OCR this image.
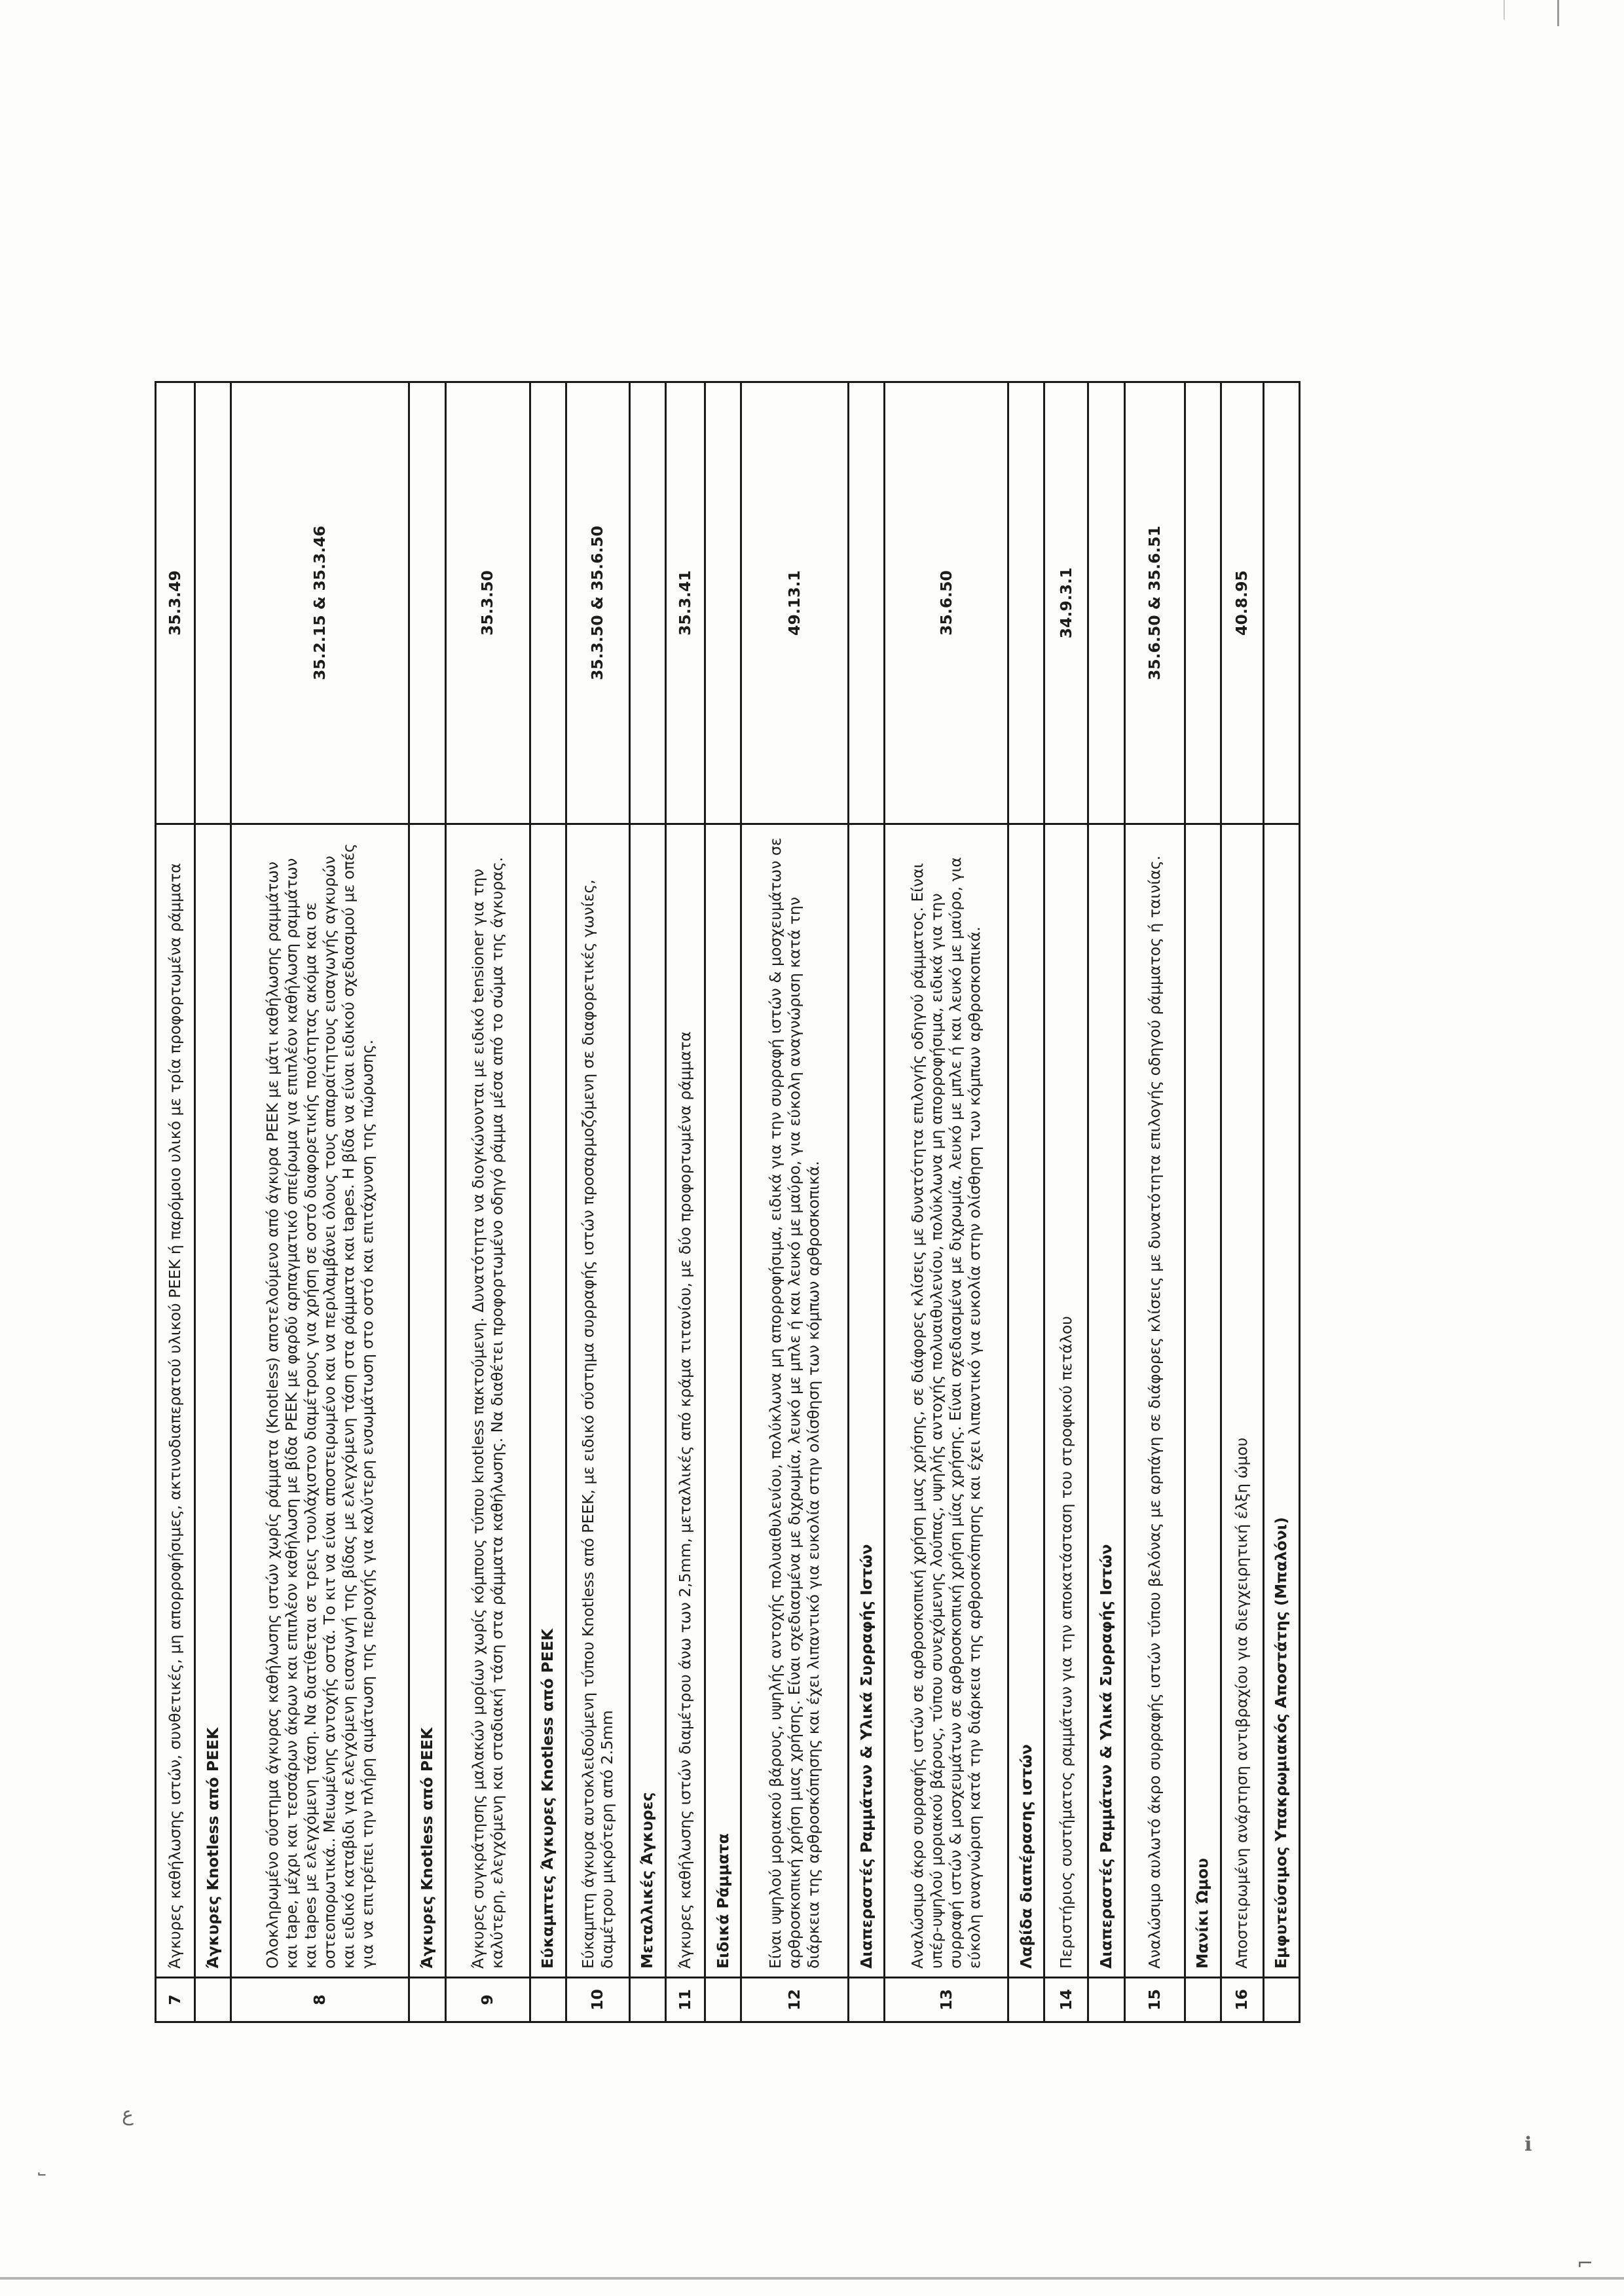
ع
˾
ℹ
⌐
7	Άγκυρες καθήλωσης ιστών, συνθετικές, μη απορροφήσιμες, ακτινοδιαπερατού υλικού PEEK ή παρόμοιο υλικό με τρία προφορτωμένα ράμματα	35.3.49
	Άγκυρες Knotless από PEEK	
8	Ολοκληρωμένο σύστημα άγκυρας καθήλωσης ιστών χωρίς ράμματα (Knotless) αποτελούμενο από άγκυρα PEEK με μάτι καθήλωσης ραμμάτων και tape, μέχρι και τεσσάρων άκρων και επιπλέον καθήλωση με βίδα PEEK με φαρδύ αρπαγματικό σπείρωμα για επιπλέον καθήλωση ραμμάτων και tapes με ελεγχόμενη τάση. Να διατίθεται σε τρεις τουλάχιστον διαμέτρους για χρήση σε οστό διαφορετικής ποιότητας ακόμα και σε οστεοπορωτικά.. Μειωμένης αντοχής οστά. Το κιτ να είναι αποστειρωμένο και να περιλαμβάνει όλους τους απαραίτητους εισαγωγής αγκυρών και ειδικό καταβιδι για ελεγχόμενη εισαγωγή της βίδας με ελεγχόμενη τάση στα ράμματα και tapes. Η βίδα να είναι ειδικού σχεδιασμού με οπές για να επιτρέπει την πλήρη αιμάτωση της περιοχής για καλύτερη ενσωμάτωση στο οστό και επιτάχυνση της πώρωσης.	35.2.15 & 35.3.46
	Άγκυρες Knotless από PEEK	
9	Άγκυρες συγκράτησης μαλακών μορίων χωρίς κόμπους τύπου knotless πακτούμενη. Δυνατότητα να διογκώνονται με ειδικό tensioner για την καλύτερη, ελεγχόμενη και σταδιακή τάση στα ράμματα καθήλωσης. Να διαθέτει προφορτωμένο οδηγό ράμμα μέσα από το σώμα της άγκυρας.	35.3.50
	Εύκαμπτες Άγκυρες Knotless από PEEK	
10	Εύκαμπτη άγκυρα αυτοκλειδούμενη τύπου Knotless από PEEK, με ειδικό σύστημα συρραφής ιστών προσαρμοζόμενη σε διαφορετικές γωνίες, διαμέτρου μικρότερη από 2.5mm	35.3.50 & 35.6.50
	Μεταλλικές Άγκυρες	
11	Άγκυρες καθήλωσης ιστών διαμέτρου άνω των 2,5mm, μεταλλικές από κράμα τιτανίου, με δύο προφορτωμένα ράμματα	35.3.41
	Ειδικά Ράμματα	
12	Είναι υψηλού μοριακού βάρους, υψηλής αντοχής πολυαιθυλενίου, πολύκλωνα μη απορροφήσιμα, ειδικά για την συρραφή ιστών & μοσχευμάτων σε αρθροσκοπική χρήση μιας χρήσης. Είναι σχεδιασμένα με διχρωμία, λευκό με μπλε ή και λευκό με μαύρο, για εύκολη αναγνώριση κατά την διάρκεια της αρθροσκόπησης και έχει λιπαντικό για ευκολία στην ολίσθηση των κόμπων αρθροσκοπικά.	49.13.1
	Διαπεραστές Ραμμάτων & Υλικά Συρραφής Ιστών	
13	Αναλώσιμο άκρο συρραφής ιστών σε αρθροσκοπική χρήση μιας χρήσης, σε διάφορες κλίσεις με δυνατότητα επιλογής οδηγού ράμματος. Είναι υπέρ-υψηλού μοριακού βάρους, τύπου συνεχόμενης λούπας, υψηλής αντοχής πολυαιθυλενίου, πολύκλωνα μη απορροφήσιμα, ειδικά για την συρραφή ιστών & μοσχευμάτων σε αρθροσκοπική χρήση μίας χρήσης. Είναι σχεδιασμένα με διχρωμία, λευκό με μπλε ή και λευκό με μαύρο, για εύκολη αναγνώριση κατά την διάρκεια της αρθροσκόπησης και έχει λιπαντικό για ευκολία στην ολίσθηση των κόμπων αρθροσκοπικά.	35.6.50
	Λαβίδα διαπέρασης ιστών	
14	Περιστήριος συστήματος ραμμάτων για την αποκατάσταση του στροφικού πετάλου	34.9.3.1
	Διαπεραστές Ραμμάτων & Υλικά Συρραφής Ιστών	
15	Αναλώσιμο αυλωτό άκρο συρραφής ιστών τύπου βελόνας με αρπάγη σε διάφορες κλίσεις με δυνατότητα επιλογής οδηγού ράμματος ή ταινίας.	35.6.50 & 35.6.51
	Μανίκι Ώμου	
16	Αποστειρωμένη ανάρτηση αντιβραχίου για διεγχειρητική έλξη ώμου	40.8.95
	Εμφυτεύσιμος Υπακρωμιακός Αποστάτης (Μπαλόνι)	
